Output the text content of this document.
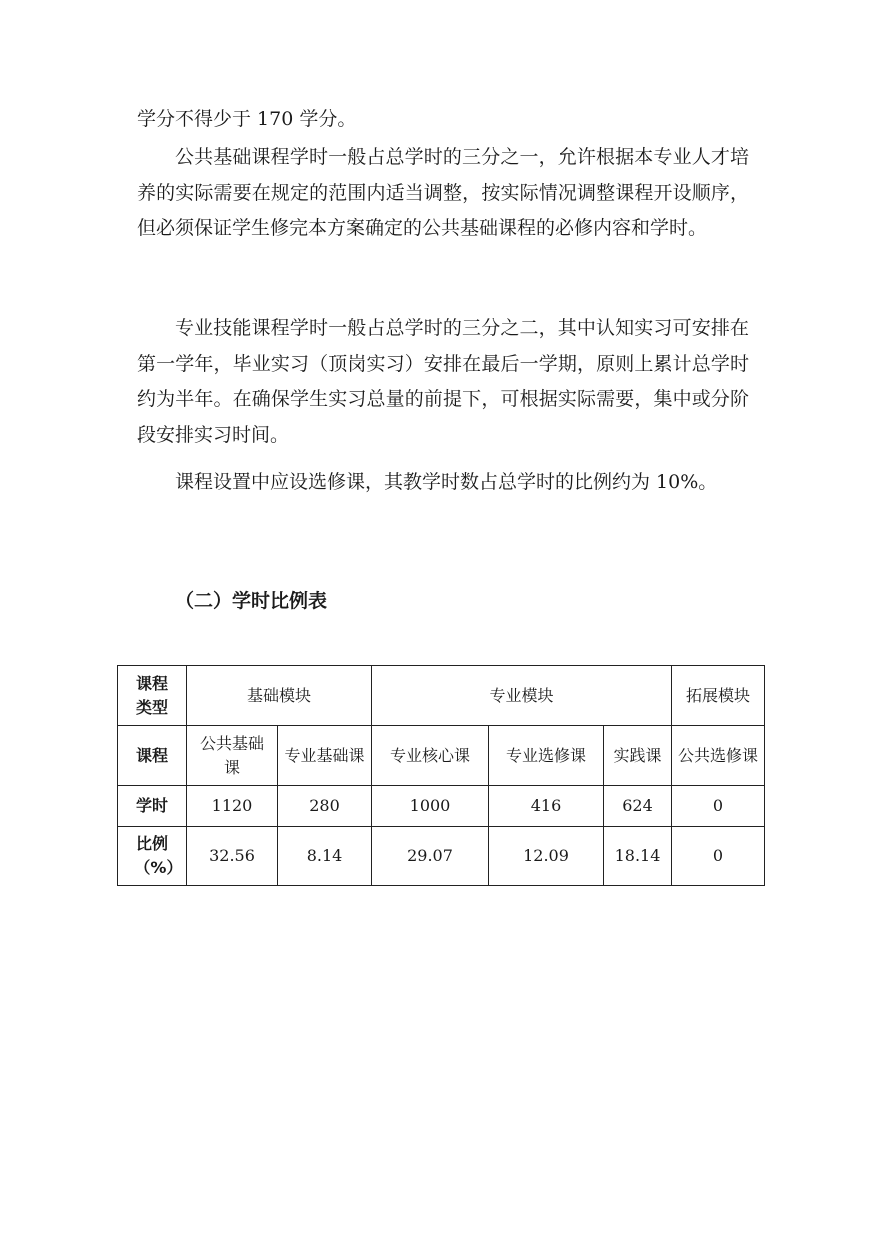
学分不得少于 170 学分。

公共基础课程学时一般占总学时的三分之一，允许根据本专业人才培养的实际需要在规定的范围内适当调整，按实际情况调整课程开设顺序，但必须保证学生修完本方案确定的公共基础课程的必修内容和学时。

专业技能课程学时一般占总学时的三分之二，其中认知实习可安排在第一学年，毕业实习（顶岗实习）安排在最后一学期，原则上累计总学时约为半年。在确保学生实习总量的前提下，可根据实际需要，集中或分阶段安排实习时间。

课程设置中应设选修课，其教学时数占总学时的比例约为 10%。

（二）学时比例表
课程类型	基础模块		专业模块			拓展模块
课程	公共基础课	专业基础课	专业核心课	专业选修课	实践课	公共选修课
学时	1120	280	1000	416	624	0

比例（%）	32.56	8.14	29.07	12.09	18.14	0
